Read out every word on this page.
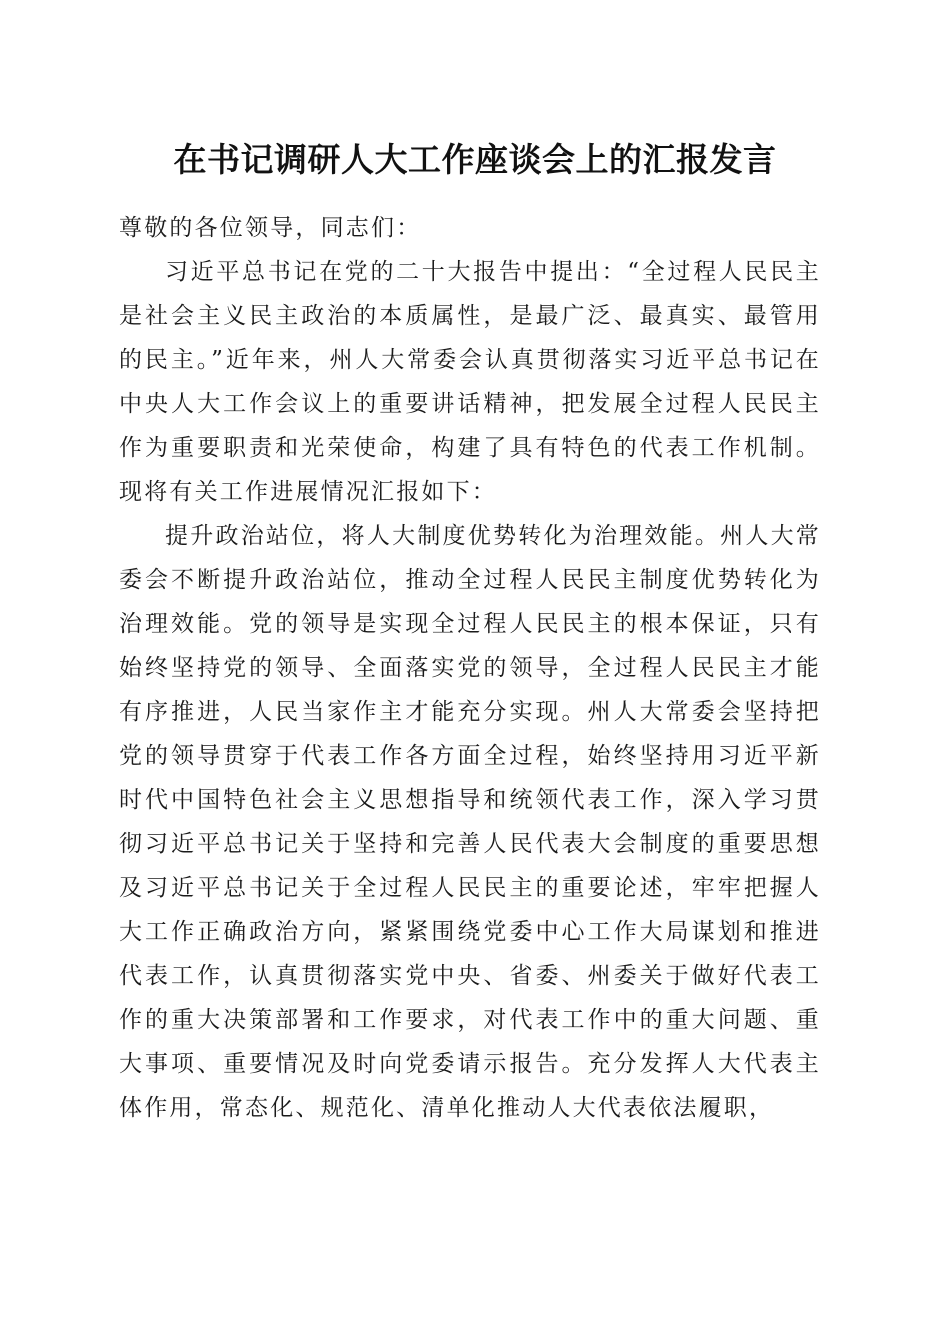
在书记调研人大工作座谈会上的汇报发言

尊敬的各位领导，同志们：

习近平总书记在党的二十大报告中提出：“全过程人民民主是社会主义民主政治的本质属性，是最广泛、最真实、最管用的民主。”近年来，州人大常委会认真贯彻落实习近平总书记在中央人大工作会议上的重要讲话精神，把发展全过程人民民主作为重要职责和光荣使命，构建了具有特色的代表工作机制。现将有关工作进展情况汇报如下：

提升政治站位，将人大制度优势转化为治理效能。州人大常委会不断提升政治站位，推动全过程人民民主制度优势转化为治理效能。党的领导是实现全过程人民民主的根本保证，只有始终坚持党的领导、全面落实党的领导，全过程人民民主才能有序推进，人民当家作主才能充分实现。州人大常委会坚持把党的领导贯穿于代表工作各方面全过程，始终坚持用习近平新时代中国特色社会主义思想指导和统领代表工作，深入学习贯彻习近平总书记关于坚持和完善人民代表大会制度的重要思想及习近平总书记关于全过程人民民主的重要论述，牢牢把握人大工作正确政治方向，紧紧围绕党委中心工作大局谋划和推进代表工作，认真贯彻落实党中央、省委、州委关于做好代表工作的重大决策部署和工作要求，对代表工作中的重大问题、重大事项、重要情况及时向党委请示报告。充分发挥人大代表主体作用，常态化、规范化、清单化推动人大代表依法履职，
